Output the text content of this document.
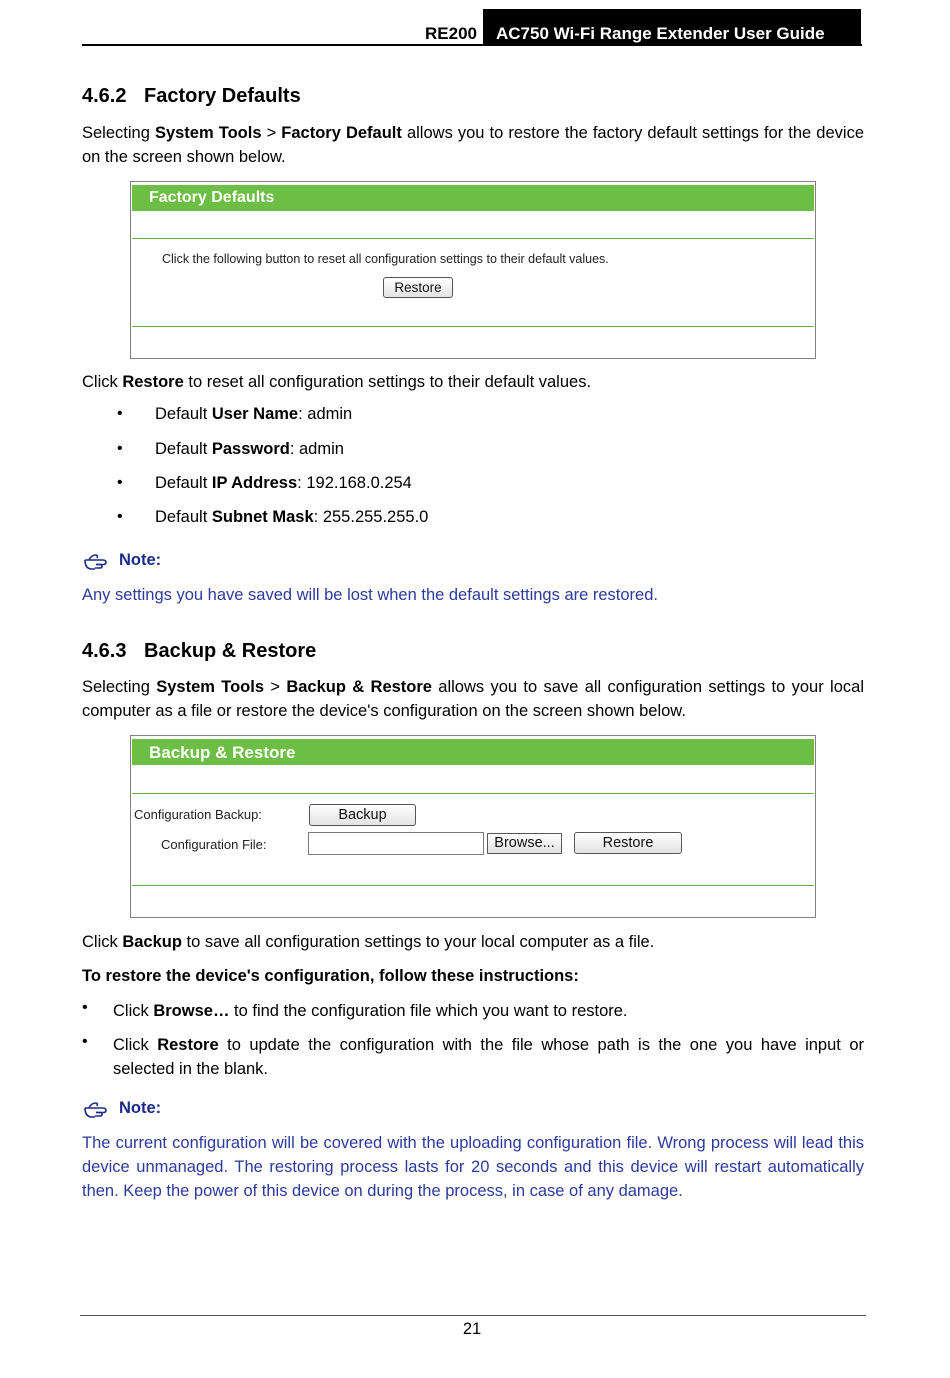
RE200	AC750 Wi-Fi Range Extender User Guide
4.6.2 Factory Defaults
Selecting System Tools > Factory Default allows you to restore the factory default settings for the device on the screen shown below.
Factory Defaults
Click the following button to reset all configuration settings to their default values.
Restore
Click Restore to reset all configuration settings to their default values.
• Default User Name: admin
• Default Password: admin
• Default IP Address: 192.168.0.254
• Default Subnet Mask: 255.255.255.0
Note:
Any settings you have saved will be lost when the default settings are restored.
4.6.3 Backup & Restore
Selecting System Tools > Backup & Restore allows you to save all configuration settings to your local computer as a file or restore the device's configuration on the screen shown below.
Backup & Restore
Configuration Backup:	Backup
Configuration File:	Browse...	Restore
Click Backup to save all configuration settings to your local computer as a file.
To restore the device's configuration, follow these instructions:
• Click Browse… to find the configuration file which you want to restore.
• Click Restore to update the configuration with the file whose path is the one you have input or selected in the blank.
Note:
The current configuration will be covered with the uploading configuration file. Wrong process will lead this device unmanaged. The restoring process lasts for 20 seconds and this device will restart automatically then. Keep the power of this device on during the process, in case of any damage.
21
